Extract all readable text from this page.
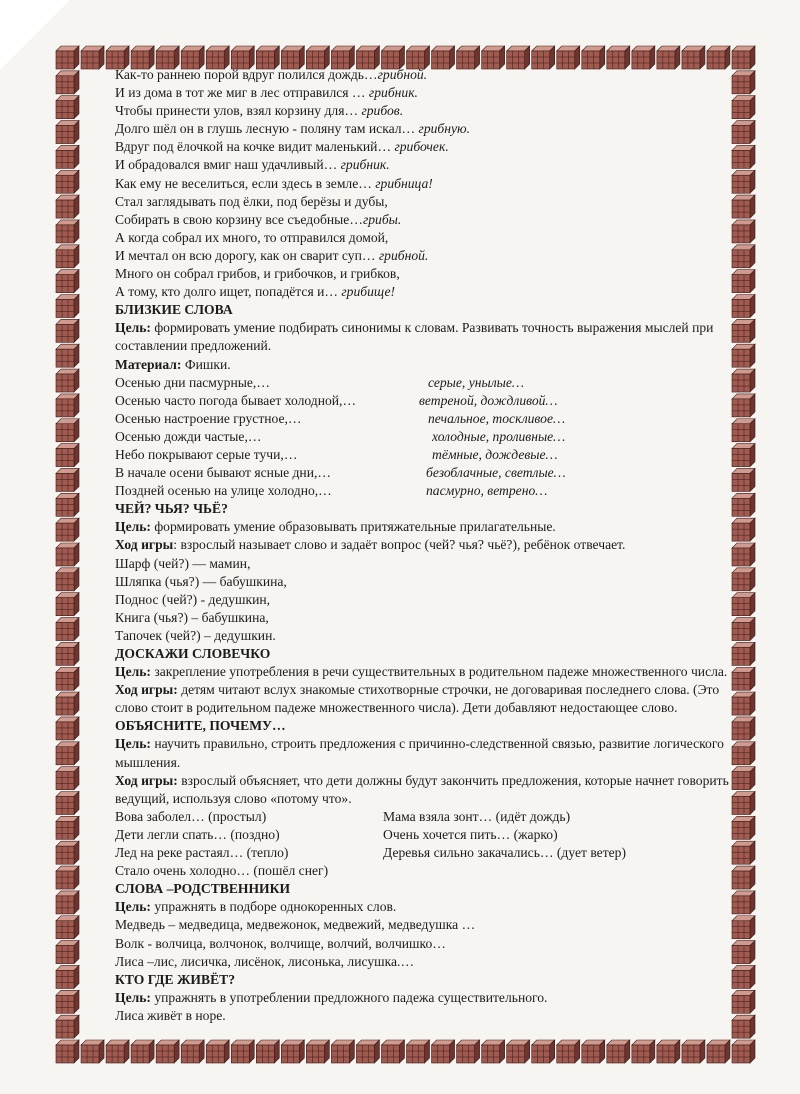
Как-то раннею порой вдруг полился дождь…грибной.
И из дома в тот же миг в лес отправился … грибник.
Чтобы принести улов, взял корзину для… грибов.
Долго шёл он в глушь лесную - поляну там искал… грибную.
Вдруг под ёлочкой на кочке видит маленький… грибочек.
И обрадовался вмиг наш удачливый… грибник.
Как ему не веселиться, если здесь в земле… грибница!
Стал заглядывать под ёлки, под берёзы и дубы,
Собирать в свою корзину все съедобные…грибы.
А когда собрал их много, то отправился домой,
И мечтал он всю дорогу, как он сварит суп… грибной.
Много он собрал грибов, и грибочков, и грибков,
А тому, кто долго ищет, попадётся и… грибище!
БЛИЗКИЕ СЛОВА
Цель: формировать умение подбирать синонимы к словам. Развивать точность выражения мыслей при составлении предложений.
Материал: Фишки.
Осенью дни пасмурные,…	серые, унылые…
Осенью часто погода бывает холодной,…	ветреной, дождливой…
Осенью настроение грустное,…	печальное, тоскливое…
Осенью дожди частые,…	холодные, проливные…
Небо покрывают серые тучи,…	тёмные, дождевые…
В начале осени бывают ясные дни,…	безоблачные, светлые…
Поздней осенью на улице холодно,…	пасмурно, ветрено…
ЧЕЙ? ЧЬЯ? ЧЬЁ?
Цель: формировать умение образовывать притяжательные прилагательные.
Ход игры: взрослый называет слово и задаёт вопрос (чей? чья? чьё?), ребёнок отвечает.
Шарф (чей?) — мамин,
Шляпка (чья?) — бабушкина,
Поднос (чей?) - дедушкин,
Книга (чья?) – бабушкина,
Тапочек (чей?) – дедушкин.
ДОСКАЖИ СЛОВЕЧКО
Цель: закрепление употребления в речи существительных в родительном падеже множественного числа.
Ход игры: детям читают вслух знакомые стихотворные строчки, не договаривая последнего слова. (Это слово стоит в родительном падеже множественного числа). Дети добавляют недостающее слово.
ОБЪЯСНИТЕ, ПОЧЕМУ…
Цель: научить правильно, строить предложения с причинно-следственной связью, развитие логического мышления.
Ход игры: взрослый объясняет, что дети должны будут закончить предложения, которые начнет говорить ведущий, используя слово «потому что».
Вова заболел… (простыл)	Мама взяла зонт… (идёт дождь)
Дети легли спать… (поздно)	Очень хочется пить… (жарко)
Лед на реке растаял… (тепло)	Деревья сильно закачались… (дует ветер)
Стало очень холодно… (пошёл снег)
СЛОВА –РОДСТВЕННИКИ
Цель: упражнять в подборе однокоренных слов.
Медведь – медведица, медвежонок, медвежий, медведушка …
Волк - волчица, волчонок, волчище, волчий, волчишко…
Лиса –лис, лисичка, лисёнок, лисонька, лисушка.…
КТО ГДЕ ЖИВЁТ?
Цель: упражнять в употреблении предложного падежа существительного.
Лиса живёт в норе.
